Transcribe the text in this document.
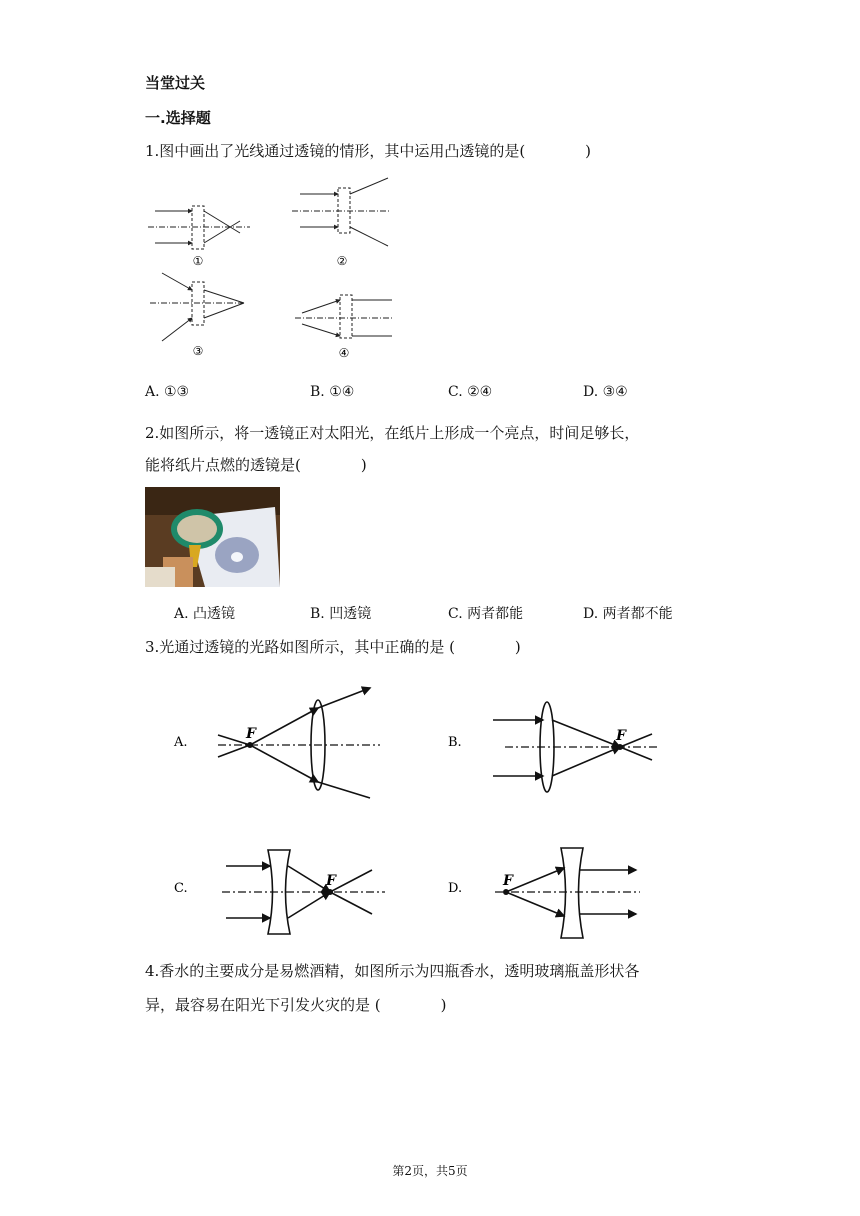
当堂过关
一.选择题
1.图中画出了光线通过透镜的情形，其中运用凸透镜的是(　　　　)
①	②
③	④
A. ①③	B. ①④	C. ②④	D. ③④
2.如图所示，将一透镜正对太阳光，在纸片上形成一个亮点，时间足够长，
能将纸片点燃的透镜是(　　　　)
A. 凸透镜	B. 凹透镜	C. 两者都能	D. 两者都不能
3.光通过透镜的光路如图所示，其中正确的是 (　　　　)
A.
F
B.	F
C.	F	D.	F
4.香水的主要成分是易燃酒精，如图所示为四瓶香水，透明玻璃瓶盖形状各
异，最容易在阳光下引发火灾的是 (　　　　)
第2页，共5页
